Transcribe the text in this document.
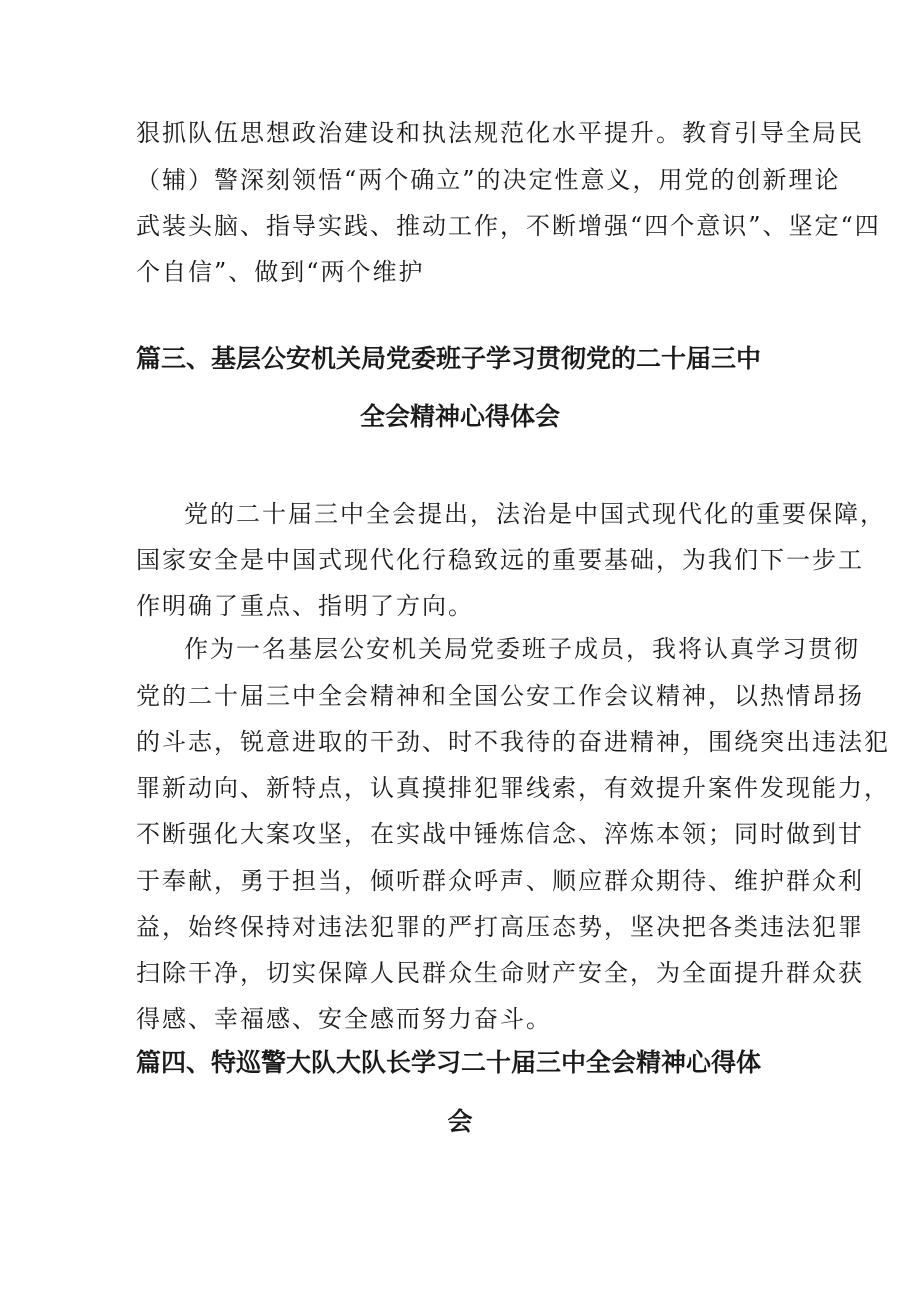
狠抓队伍思想政治建设和执法规范化水平提升。教育引导全局民
（辅）警深刻领悟“两个确立”的决定性意义，用党的创新理论
武装头脑、指导实践、推动工作，不断增强“四个意识”、坚定“四
个自信”、做到“两个维护
篇三、基层公安机关局党委班子学习贯彻党的二十届三中
全会精神心得体会
党的二十届三中全会提出，法治是中国式现代化的重要保障，
国家安全是中国式现代化行稳致远的重要基础，为我们下一步工
作明确了重点、指明了方向。
作为一名基层公安机关局党委班子成员，我将认真学习贯彻
党的二十届三中全会精神和全国公安工作会议精神，以热情昂扬
的斗志，锐意进取的干劲、时不我待的奋进精神，围绕突出违法犯
罪新动向、新特点，认真摸排犯罪线索，有效提升案件发现能力，
不断强化大案攻坚，在实战中锤炼信念、淬炼本领；同时做到甘
于奉献，勇于担当，倾听群众呼声、顺应群众期待、维护群众利
益，始终保持对违法犯罪的严打高压态势，坚决把各类违法犯罪
扫除干净，切实保障人民群众生命财产安全，为全面提升群众获
得感、幸福感、安全感而努力奋斗。
篇四、特巡警大队大队长学习二十届三中全会精神心得体
会
